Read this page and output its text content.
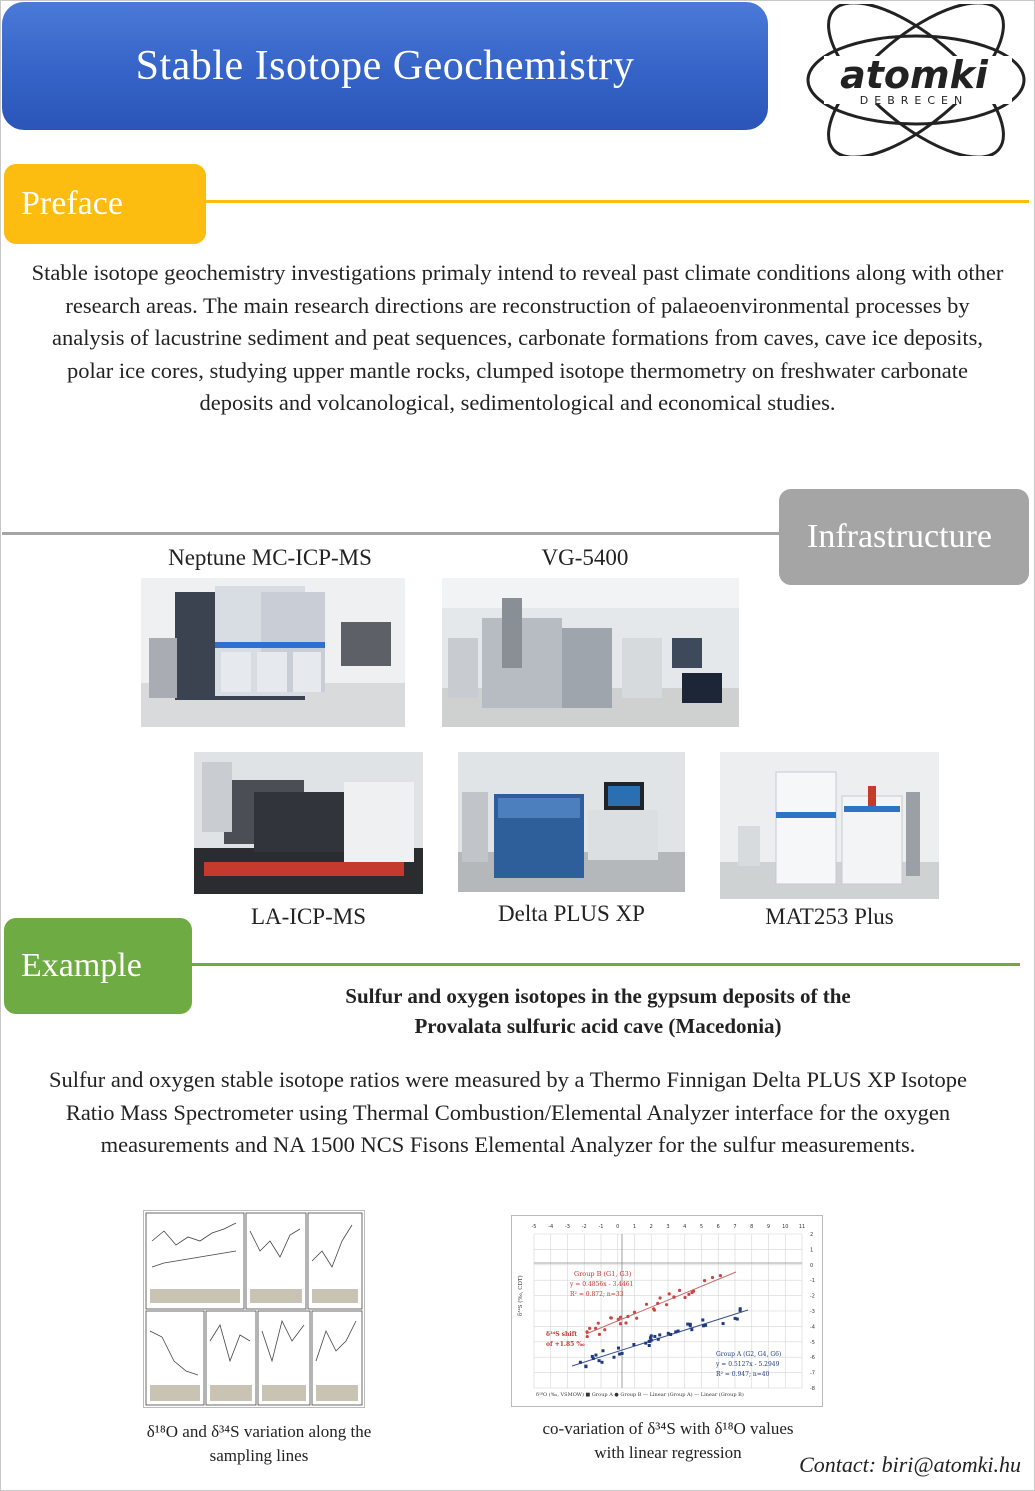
Stable Isotope Geochemistry	atomki
DEBRECEN
Preface
Stable isotope geochemistry investigations primaly intend to reveal past climate conditions along with other research areas. The main research directions are reconstruction of palaeoenvironmental processes by analysis of lacustrine sediment and peat sequences, carbonate formations from caves, cave ice deposits, polar ice cores, studying upper mantle rocks, clumped isotope thermometry on freshwater carbonate deposits and volcanological, sedimentological and economical studies.
Infrastructure
Neptune MC-ICP-MS	VG-5400
LA-ICP-MS	Delta PLUS XP	MAT253 Plus
Example
Sulfur and oxygen isotopes in the gypsum deposits of the
Provalata sulfuric acid cave (Macedonia)
Sulfur and oxygen stable isotope ratios were measured by a Thermo Finnigan Delta PLUS XP Isotope Ratio Mass Spectrometer using Thermal Combustion/Elemental Analyzer interface for the oxygen measurements and NA 1500 NCS Fisons Elemental Analyzer for the sulfur measurements.
δ¹⁸O and δ³⁴S variation along the
sampling lines
-5 -4 -3 -2 -1	0	1	2	3	4	5	6	7	8	9 10 11
2
1
0
-1
-2
-3
-4
-5
-6
-7
-8
Group B (G1, G3)
y = 0.4856x - 3.4461
R² = 0.872; n=33
δ³⁴S shift
of +1.85 ‰
Group A (G2, G4, G6)
y = 0.5127x - 5.2949
R² = 0.947; n=40
δ³⁴S (‰, CDT)
δ¹⁸O (‰, VSMOW) ■ Group A ● Group B — Linear (Group A) — Linear (Group B)
co-variation of δ³⁴S with δ¹⁸O values
with linear regression	Contact: biri@atomki.hu
